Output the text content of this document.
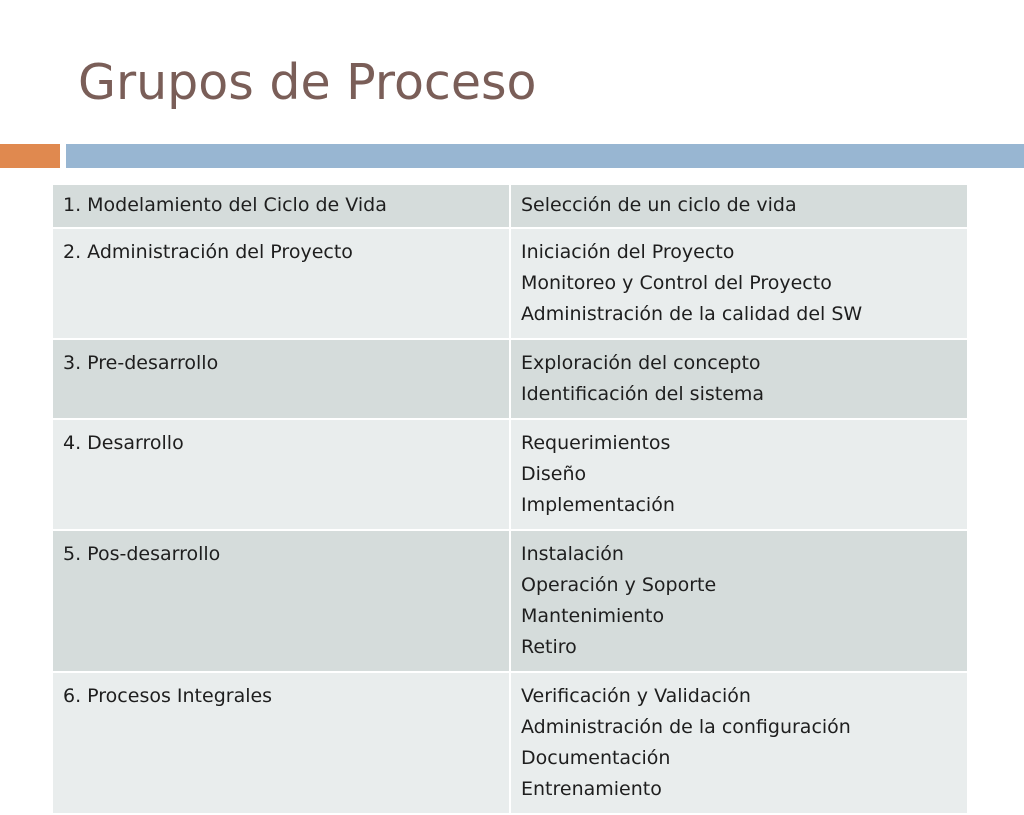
Grupos de Proceso
1. Modelamiento del Ciclo de Vida	Selección de un ciclo de vida

2. Administración del Proyecto	Iniciación del Proyecto
Monitoreo y Control del Proyecto
Administración de la calidad del SW

3. Pre-desarrollo	Exploración del concepto
Identificación del sistema

4. Desarrollo	Requerimientos
Diseño
Implementación

5. Pos-desarrollo	Instalación
Operación y Soporte
Mantenimiento
Retiro

6. Procesos Integrales	Verificación y Validación
Administración de la configuración
Documentación
Entrenamiento
